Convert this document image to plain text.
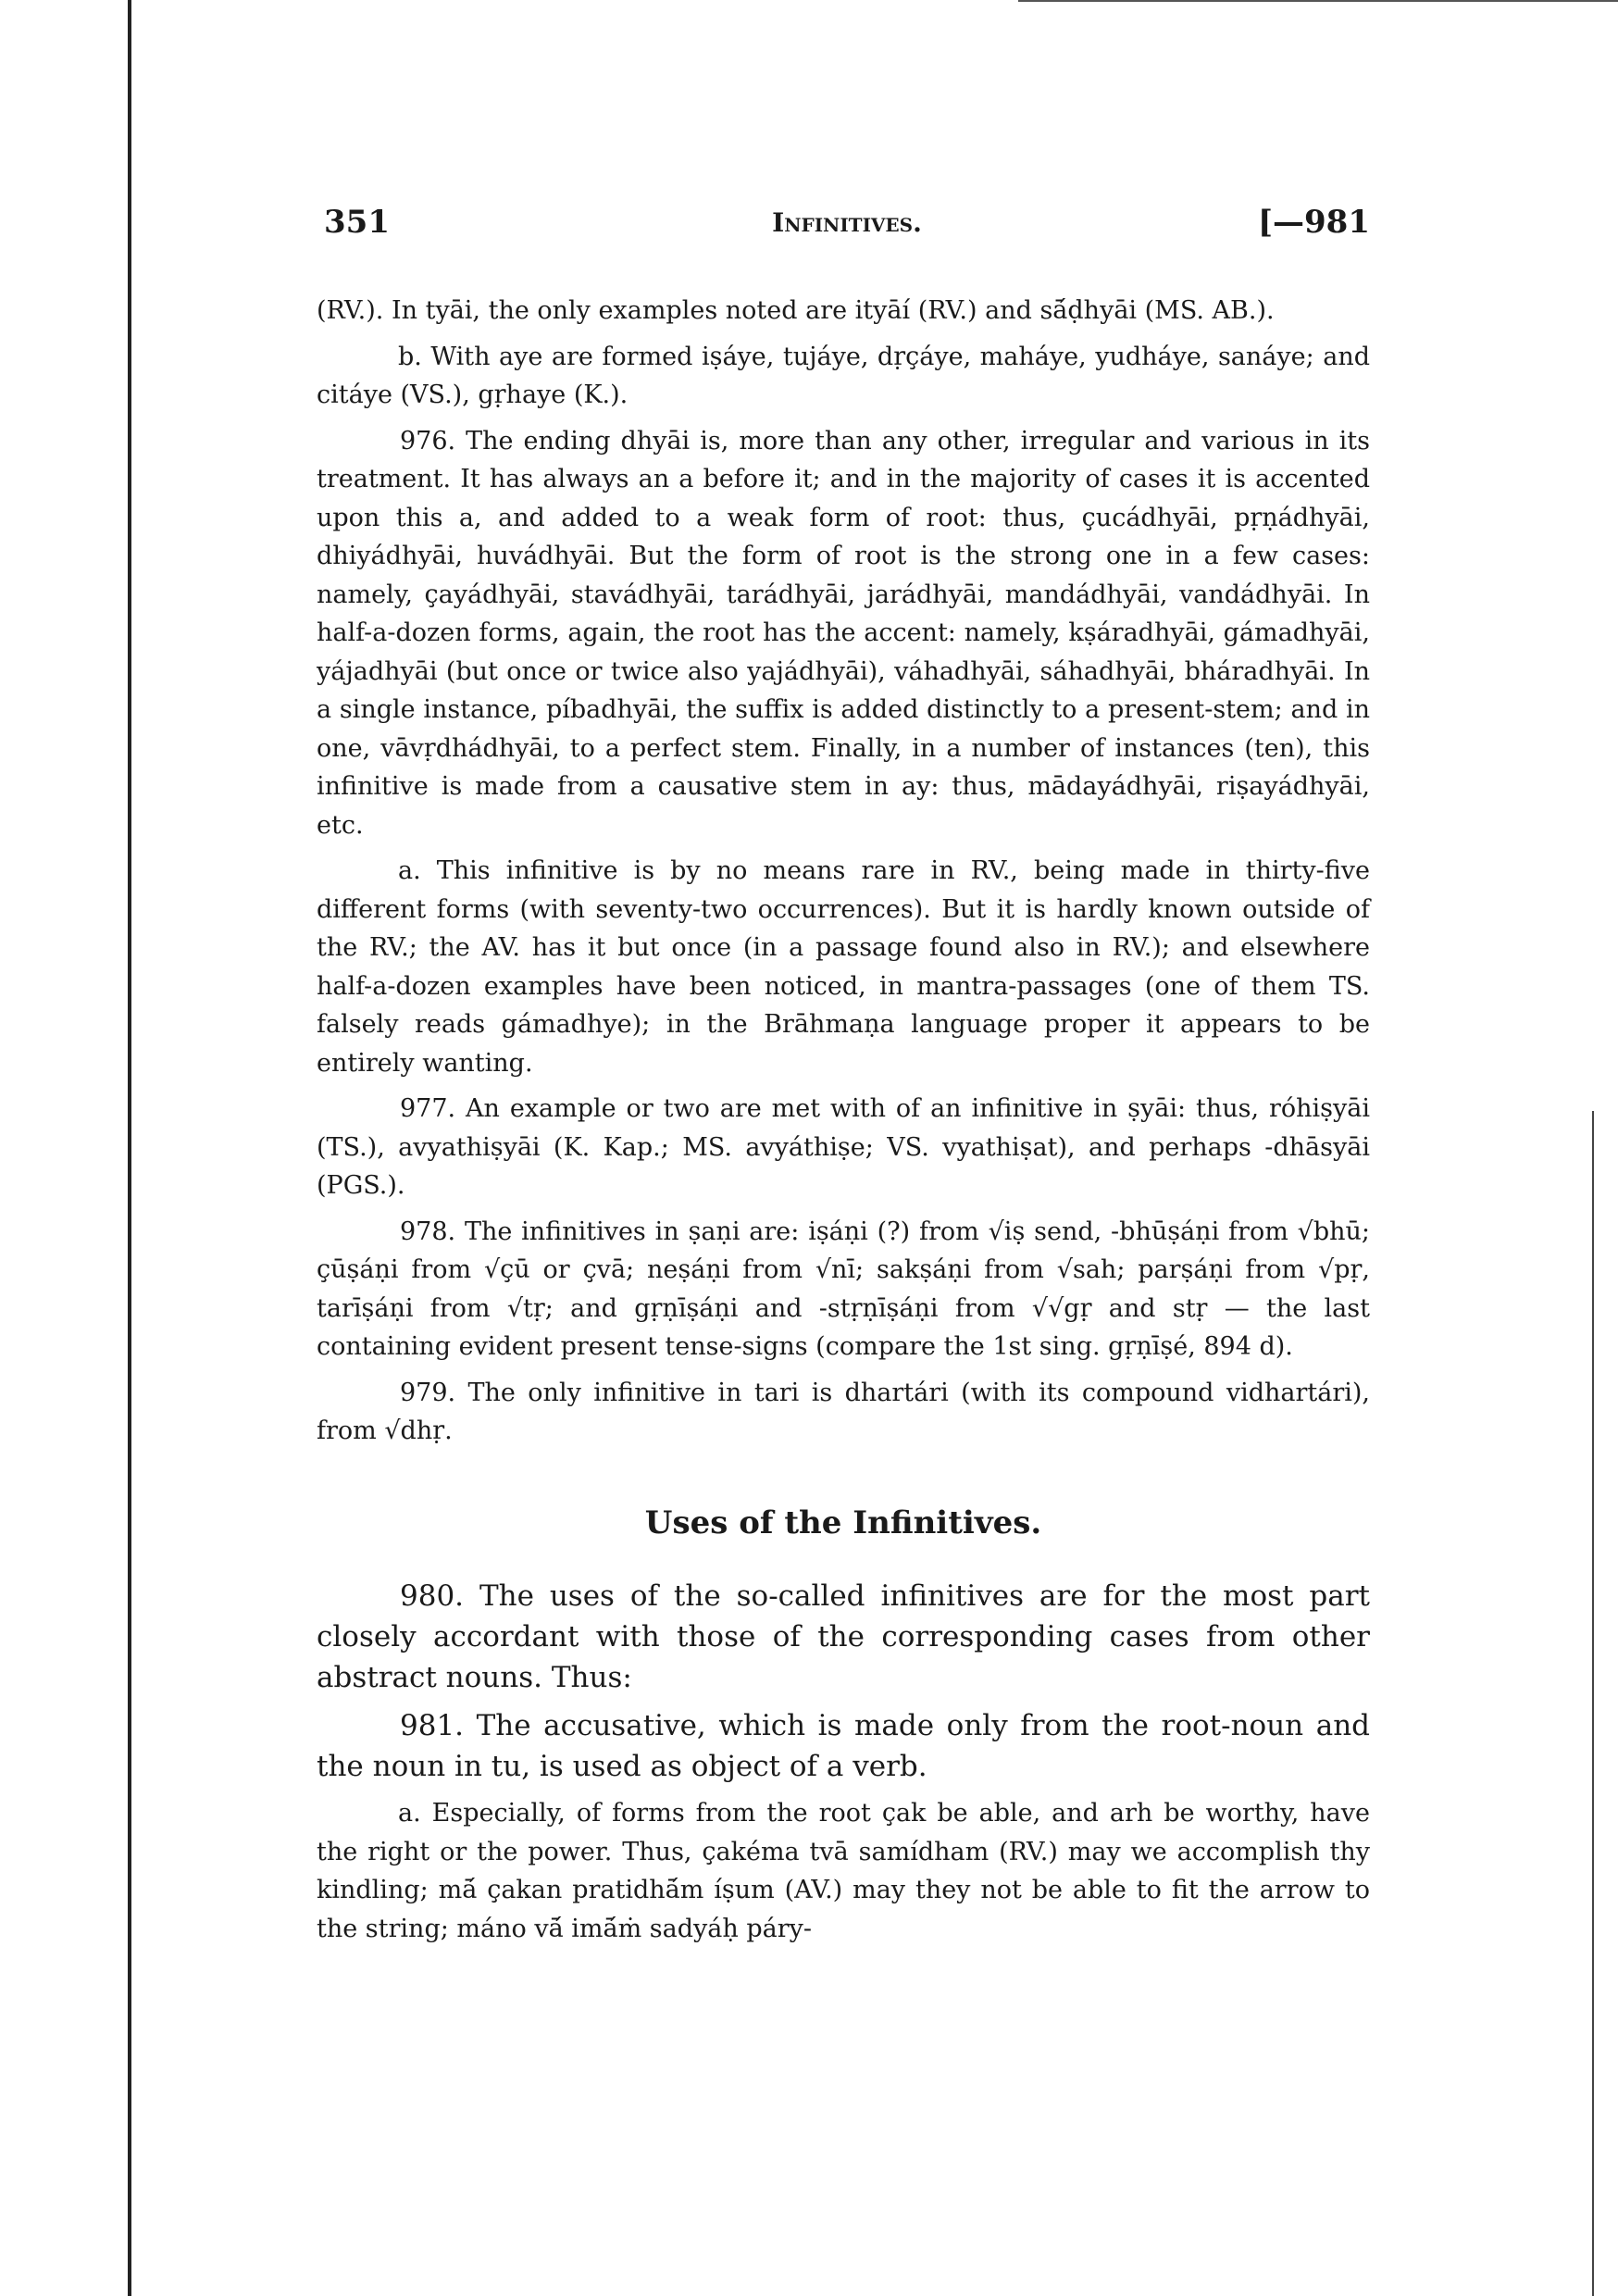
351	Infinitives.	[—981

(RV.). In tyāi, the only examples noted are ityāí (RV.) and sā́ḍhyāi (MS. AB.).

b. With aye are formed iṣáye, tujáye, dṛçáye, maháye, yudháye, sanáye; and citáye (VS.), gṛhaye (K.).

976. The ending dhyāi is, more than any other, irregular and various in its treatment. It has always an a before it; and in the majority of cases it is accented upon this a, and added to a weak form of root: thus, çucádhyāi, pṛṇádhyāi, dhiyádhyāi, huvádhyāi. But the form of root is the strong one in a few cases: namely, çayádhyāi, stavádhyāi, tarádhyāi, jarádhyāi, mandádhyāi, vandádhyāi. In half-a-dozen forms, again, the root has the accent: namely, kṣáradhyāi, gámadhyāi, yájadhyāi (but once or twice also yajádhyāi), váhadhyāi, sáhadhyāi, bháradhyāi. In a single instance, píbadhyāi, the suffix is added distinctly to a present-stem; and in one, vāvṛdhádhyāi, to a perfect stem. Finally, in a number of instances (ten), this infinitive is made from a causative stem in ay: thus, mādayádhyāi, riṣayádhyāi, etc.

a. This infinitive is by no means rare in RV., being made in thirty-five different forms (with seventy-two occurrences). But it is hardly known outside of the RV.; the AV. has it but once (in a passage found also in RV.); and elsewhere half-a-dozen examples have been noticed, in mantra-passages (one of them TS. falsely reads gámadhye); in the Brāhmaṇa language proper it appears to be entirely wanting.

977. An example or two are met with of an infinitive in ṣyāi: thus, róhiṣyāi (TS.), avyathiṣyāi (K. Kap.; MS. avyáthiṣe; VS. vyathiṣat), and perhaps -dhāsyāi (PGS.).

978. The infinitives in ṣaṇi are: iṣáṇi (?) from √iṣ send, -bhūṣáṇi from √bhū; çūṣáṇi from √çū or çvā; neṣáṇi from √nī; sakṣáṇi from √sah; parṣáṇi from √pṛ, tarīṣáṇi from √tṛ; and gṛṇīṣáṇi and -stṛṇīṣáṇi from √√gṛ and stṛ — the last containing evident present tense-signs (compare the 1st sing. gṛṇīṣé, 894 d).

979. The only infinitive in tari is dhartári (with its compound vidhartári), from √dhṛ.

Uses of the Infinitives.

980. The uses of the so-called infinitives are for the most part closely accordant with those of the corresponding cases from other abstract nouns. Thus:

981. The accusative, which is made only from the root-noun and the noun in tu, is used as object of a verb.

a. Especially, of forms from the root çak be able, and arh be worthy, have the right or the power. Thus, çakéma tvā samídham (RV.) may we accomplish thy kindling; mā́ çakan pratidhā́m íṣum (AV.) may they not be able to fit the arrow to the string; máno vā́ imā́ṁ sadyáḥ páry-
